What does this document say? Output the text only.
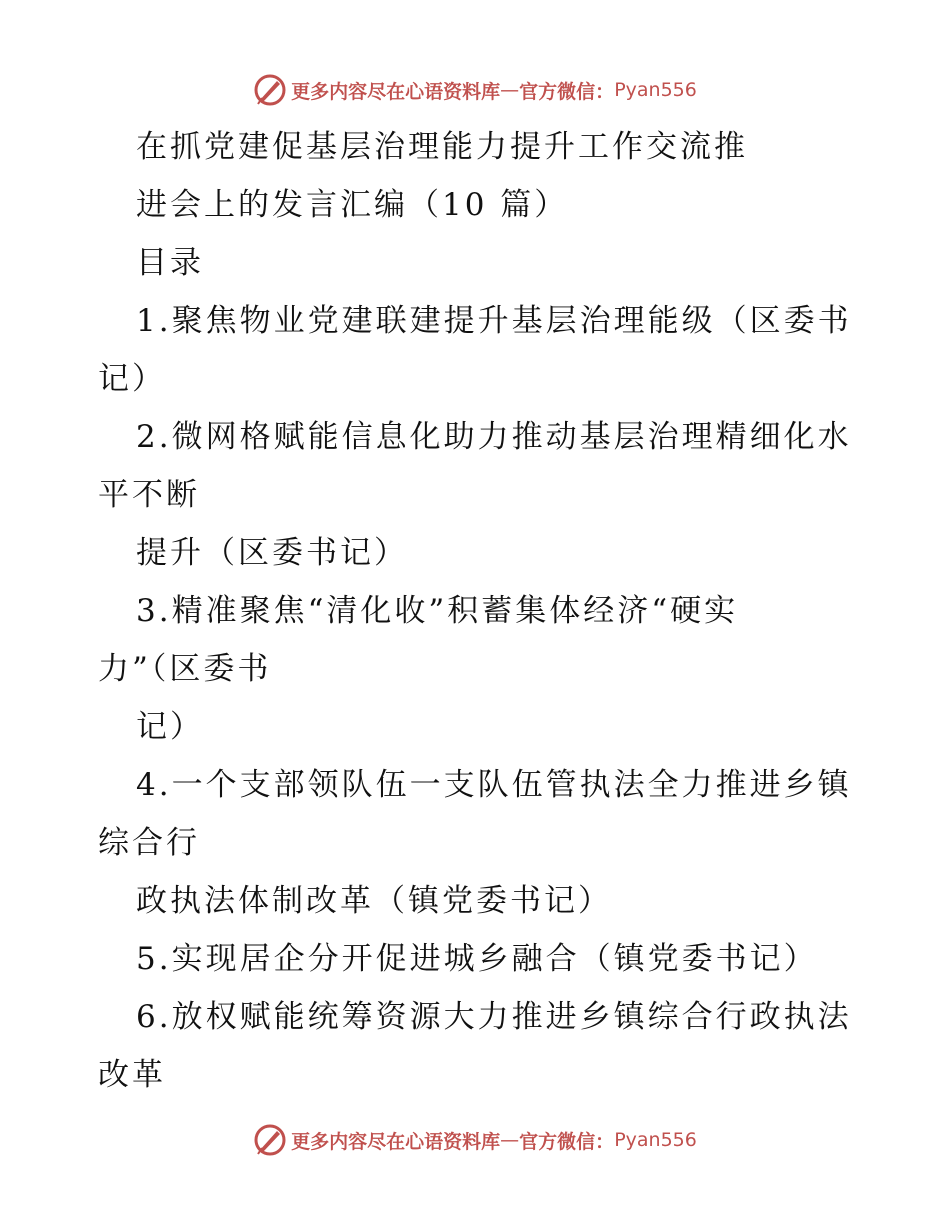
更多内容尽在心语资料库 — 官方微信： Pyan556
在抓党建促基层治理能力提升工作交流推
进会上的发言汇编（10 篇）
目录
1.聚焦物业党建联建提升基层治理能级（区委书
记）
2.微网格赋能信息化助力推动基层治理精细化水
平不断
提升（区委书记）
3.精准聚焦“清化收”积蓄集体经济“硬实
力”（区委书
记）
4.一个支部领队伍一支队伍管执法全力推进乡镇
综合行
政执法体制改革（镇党委书记）
5.实现居企分开促进城乡融合（镇党委书记）
6.放权赋能统筹资源大力推进乡镇综合行政执法
改革
更多内容尽在心语资料库 — 官方微信： Pyan556
